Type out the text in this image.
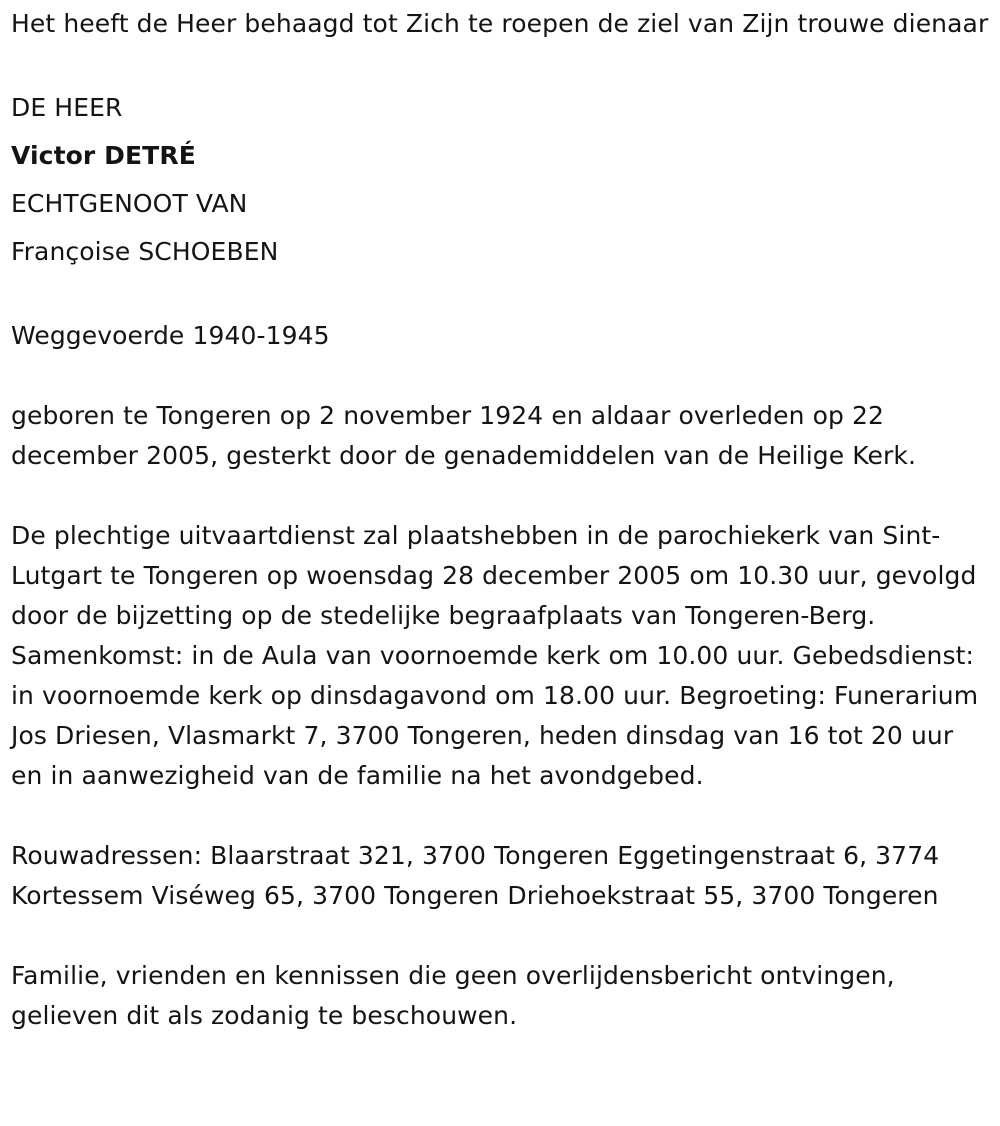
Het heeft de Heer behaagd tot Zich te roepen de ziel van Zijn trouwe dienaar

DE HEER
Victor DETRÉ
ECHTGENOOT VAN
Françoise SCHOEBEN

Weggevoerde 1940-1945

geboren te Tongeren op 2 november 1924 en aldaar overleden op 22 december 2005, gesterkt door de genademiddelen van de Heilige Kerk.

De plechtige uitvaartdienst zal plaatshebben in de parochiekerk van Sint-Lutgart te Tongeren op woensdag 28 december 2005 om 10.30 uur, gevolgd door de bijzetting op de stedelijke begraafplaats van Tongeren-Berg. Samenkomst: in de Aula van voornoemde kerk om 10.00 uur. Gebedsdienst: in voornoemde kerk op dinsdagavond om 18.00 uur. Begroeting: Funerarium Jos Driesen, Vlasmarkt 7, 3700 Tongeren, heden dinsdag van 16 tot 20 uur en in aanwezigheid van de familie na het avondgebed.

Rouwadressen: Blaarstraat 321, 3700 Tongeren Eggetingenstraat 6, 3774 Kortessem Viséweg 65, 3700 Tongeren Driehoekstraat 55, 3700 Tongeren

Familie, vrienden en kennissen die geen overlijdensbericht ontvingen, gelieven dit als zodanig te beschouwen.
